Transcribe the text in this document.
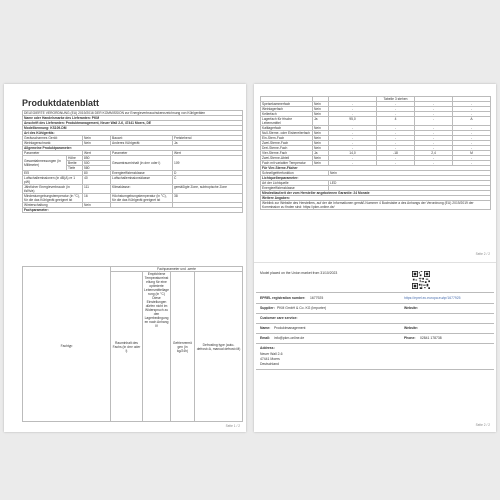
Produktdatenblatt
DELEGIERTE VERORDNUNG (EU) 2019/2016 DER KOMMISSION zur Energieverbrauchskennzeichnung von Kühlgeräten				
Name oder Handelsmarke des Lieferanten: PKM				
Anschrift des Lieferanten: Produktmanagement, Neuer Wall 2-6, 47441 Moers, DE				
Modellkennung: KS109-DM				
Art des Kühlgeräts:				
Geräuscharmes Gerät:		Nein	Bauart:	Freistehend
Weinlagerschrank:		Nein	Anderes Kühlgerät:	Ja
Allgemeine Produktparameter:				
Parameter		Wert	Parameter	Wert
Gesamtabmessungen (in Millimeter)	Höhe	850	Gesamtrauminhalt (in dm³ oder l)	109
	Breite	500		
	Tiefe	580		
EEI		80	Energieeffizienzklasse	D
Luftschallemissionen (in dB(A) re 1 pW)		40	Luftschallemissionsklasse	C
Jährlicher Energieverbrauch (in kWh/a)		111	Klimaklasse:	gemäßigte Zone, subtropische Zone
Mindestumgebungstemperatur (in °C), für die das Kühlgerät geeignet ist		16	Höchstumgebungstemperatur (in °C), für die das Kühlgerät geeignet ist	38
Winterschaltung		Nein		
Fachparameter:				
	Fachparameter und -werte			
Fachtyp	Rauminhalt des Fachs (in dm³ oder l)	Empfohlene Temperatureinstellung für eine optimierte Lebensmittellagerung (in °C) Diese Einstellungen dürfen nicht im Widerspruch zu den Lagerbedingungen nach Anhang IV	Gefriervermögen (in kg/24h)	Defrosting type (auto-defrost=A, manual defrost=M)
Seite 1 / 2
			Tabelle 3 stehen		
Speisekammerfach	Nein	-	-	-	-
Weinlagerfach	Nein	-	-	-	-
Kellerfach	Nein	-	-	-	-
Lagerfach für frische Lebensmittel	Ja	95,0	4	-	A
Kaltlagerfach	Nein	-	-	-	-
Null-Sterne- oder Eisbereiterfach	Nein	-	-	-	-
Ein-Stern-Fach	Nein	-	-	-	-
Zwei-Sterne-Fach	Nein	-	-	-	-
Drei-Sterne-Fach	Nein	-	-	-	-
Vier-Sterne-Fach	Ja	14,0	-18	2,4	M
Zwei-Sterne-Abteil	Nein	-	-	-	-
Fach mit variabler Temperatur	Nein	-	-	-	-
Für Vier-Sterne-Fächer					
Schnellgefrierfunktion		Nein			
Lichtquellenparameter:					
Art der Lichtquelle		LED			
Energieeffizienzklasse					
Mindestlaufzeit der vom Hersteller angebotenen Garantie: 24 Monate					
Weitere Angaben:					
Weblink zur Website des Herstellers, auf der die Informationen gemäß Nummer 4 Buchstabe a des Anhangs der Verordnung (EU) 2019/2019 der Kommission zu finden sind: https://pkm-online.de/					
Seite 2 / 2
Model placed on the Union market from 31/10/2023
EPREL registration number: 1677925	https://eprel.ec.europa.eu/qr/1677925
Supplier: PKM GmbH & Co. KG (Importer)	Website:
Customer care service:
Name: Produktmanagement	Website:
Email: info@pkm-online.de	Phone: 02841 178738
Address:
Neuer Wall 2-6
47441 Moers
Deutschland
Seite 2 / 2
